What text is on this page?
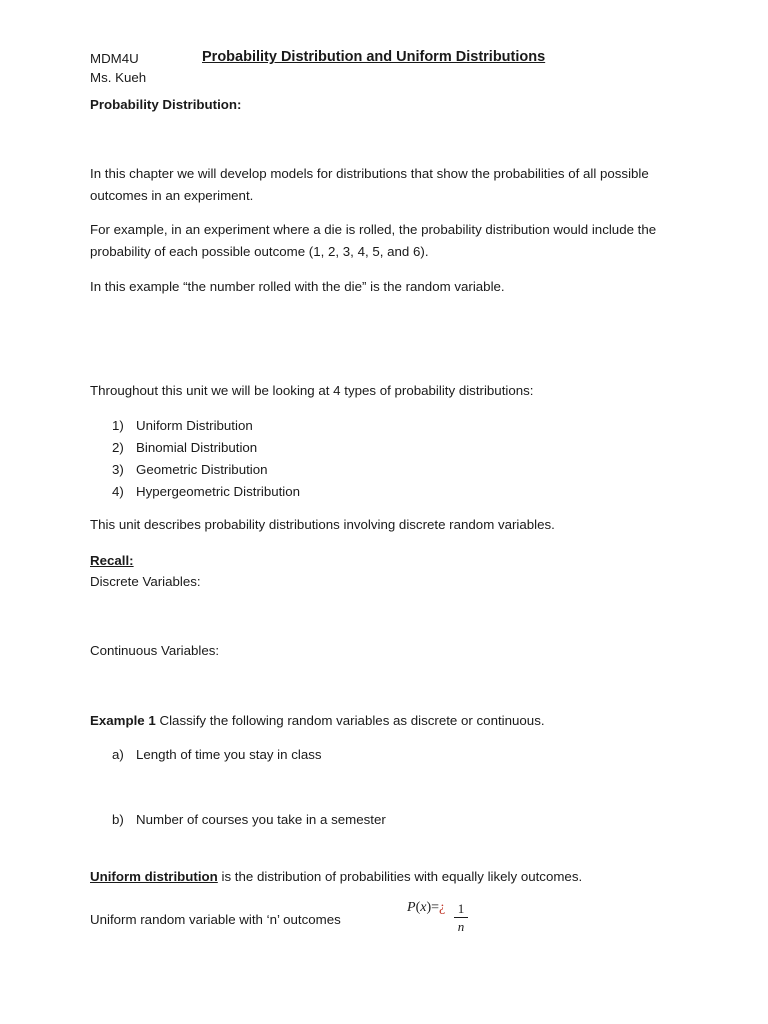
MDM4U	Probability Distribution and Uniform Distributions
Ms. Kueh
Probability Distribution:
In this chapter we will develop models for distributions that show the probabilities of all possible outcomes in an experiment.
For example, in an experiment where a die is rolled, the probability distribution would include the probability of each possible outcome (1, 2, 3, 4, 5, and 6).
In this example “the number rolled with the die” is the random variable.
Throughout this unit we will be looking at 4 types of probability distributions:
1) Uniform Distribution
2) Binomial Distribution
3) Geometric Distribution
4) Hypergeometric Distribution
This unit describes probability distributions involving discrete random variables.
Recall:
Discrete Variables:
Continuous Variables:
Example 1 Classify the following random variables as discrete or continuous.
a) Length of time you stay in class
b) Number of courses you take in a semester
Uniform distribution is the distribution of probabilities with equally likely outcomes.
Uniform random variable with ‘n’ outcomes
P(x)=¿ 1
n
